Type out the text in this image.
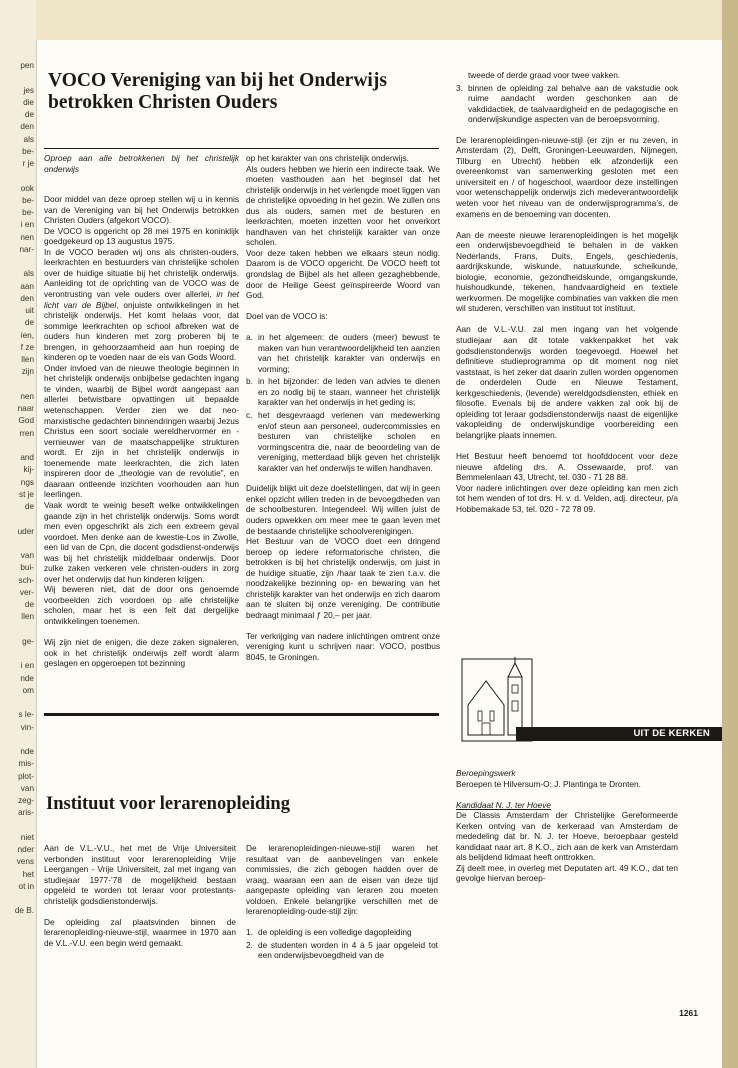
pen
jes
die
de
den
als
be-
r je
ook
be-
be-
i en
nen
nar-
als
aan
den
uit
de
ien,
f ze
llen
zijn
nen
naar
God
rren
and
kij-
ngs
st je
de
uder
van
bui-
sch-
ver-
de
llen
ge-
i en
nde
om
s le-
vin-
nde
mis-
plot-
van
zeg-
aris-
niet
nder
vens
het
ot in
de B.
VOCO Vereniging van bij het Onderwijs betrokken Christen Ouders

Oproep aan alle betrokkenen bij het christelijk onderwijs

Door middel van deze oproep stellen wij u in kennis van de Vereniging van bij het Onderwijs betrokken Christen Ouders (afgekort VOCO).

De VOCO is opgericht op 28 mei 1975 en koninklijk goedgekeurd op 13 augustus 1975.

In de VOCO beraden wij ons als christen-ouders, leerkrachten en bestuurders van christelijke scholen over de huidige situatie bij het christelijk onderwijs. Aanleiding tot de oprichting van de VOCO was de verontrusting van vele ouders over allerlei, in het licht van de Bijbel, onjuiste ontwikkelingen in het christelijk onderwijs. Het komt helaas voor, dat sommige leerkrachten op school afbreken wat de ouders hun kinderen met zorg proberen bij te brengen, in gehoorzaamheid aan hun roeping de kinderen op te voeden naar de eis van Gods Woord.

Onder invloed van de nieuwe theologie beginnen in het christelijk onderwijs onbijbelse gedachten ingang te vinden, waarbij de Bijbel wordt aangepast aan allerlei betwistbare opvattingen uit bepaalde wetenschappen. Verder zien we dat neo-marxistische gedachten binnendringen waarbij Jezus Christus een soort sociale wereldhervormer en -vernieuwer van de maatschappelijke strukturen wordt. Er zijn in het christelijk onderwijs in toenemende mate leerkrachten, die zich laten inspireren door de „theologie van de revolutie”, en daaraan ontleende inzichten voorhouden aan hun leerlingen.

Vaak wordt te weinig beseft welke ontwikkelingen gaande zijn in het christelijk onderwijs. Soms wordt men even opgeschrikt als zich een extreem geval voordoet. Men denke aan de kwestie-Los in Zwolle, een lid van de Cpn, die docent godsdienst-onderwijs was bij het christelijk middelbaar onderwijs. Door zulke zaken verkeren vele christen-ouders in zorg over het onderwijs dat hun kinderen krijgen.

Wij beweren niet, dat de door ons genoemde voorbeelden zich voordoen op alle christelijke scholen, maar het is een feit dat dergelijke ontwikkelingen toenemen.

Wij zijn niet de enigen, die deze zaken signaleren, ook in het christelijk onderwijs zelf wordt alarm geslagen en opgeroepen tot bezinning

op het karakter van ons christelijk onderwijs.

Als ouders hebben we hierin een indirecte taak. We moeten vasthouden aan het beginsel dat het christelijk onderwijs in het verlengde moet liggen van de christelijke opvoeding in het gezin. We zullen ons dus als ouders, samen met de besturen en leerkrachten, moeten inzetten voor het onverkort handhaven van het christelijk karakter van onze scholen.

Voor deze taken hebben we elkaars steun nodig. Daarom is de VOCO opgericht. De VOCO heeft tot grondslag de Bijbel als het alleen gezaghebbende, door de Heilige Geest geïnspireerde Woord van God.

Doel van de VOCO is:

a. in het algemeen: de ouders (meer) bewust te maken van hun verantwoordelijkheid ten aanzien van het christelijk karakter van onderwijs en vorming;
b. in het bijzonder: de leden van advies te dienen en zo nodig bij te staan, wanneer het christelijk karakter van het onderwijs in het geding is;
c. het desgevraagd verlenen van medewerking en/of steun aan personeel, oudercommissies en besturen van christelijke scholen en vormingscentra die, naar de beoordeling van de vereniging, metterdaad blijk geven het christelijk karakter van het onderwijs te willen handhaven.

Duidelijk blijkt uit deze doelstellingen, dat wij in geen enkel opzicht willen treden in de bevoegdheden van de schoolbesturen. Integendeel. Wij willen juist de ouders opwekken om meer mee te gaan leven met de bestaande christelijke schoolverenigingen.

Het Bestuur van de VOCO doet een dringend beroep op iedere reformatorische christen, die betrokken is bij het christelijk onderwijs, om juist in de huidige situatie, zijn /haar taak te zien t.a.v. die noodzakelijke bezinning op- en bewaring van het christelijk karakter van het onderwijs en zich daarom aan te sluiten bij onze vereniging. De contributie bedraagt minimaal ƒ 20,– per jaar.

Ter verkrijging van nadere inlichtingen omtrent onze vereniging kunt u schrijven naar: VOCO, postbus 8045, te Groningen.

tweede of derde graad voor twee vakken.
3. binnen de opleiding zal behalve aan de vakstudie ook ruime aandacht worden geschonken aan de vakdidactiek, de taalvaardigheid en de pedagogische en onderwijskundige aspecten van de beroepsvorming.

De lerarenopleidingen-nieuwe-stijl (er zijn er nu zeven, in Amsterdam (2), Delft, Groningen-Leeuwarden, Nijmegen, Tilburg en Utrecht) hebben elk afzonderlijk een overeenkomst van samenwerking gesloten met een universiteit en / of hogeschool, waardoor deze instellingen voor wetenschappelijk onderwijs zich medeverantwoordelijk weten voor het niveau van de onderwijsprogramma’s, de examens en de benoeming van docenten.

Aan de meeste nieuwe lerarenopleidingen is het mogelijk een onderwijsbevoegdheid te behalen in de vakken Nederlands, Frans, Duits, Engels, geschiedenis, aardrijkskunde, wiskunde, natuurkunde, scheikunde, biologie, economie, gezondheidskunde, omgangskunde, huishoudkunde, tekenen, handvaardigheid en textiele werkvormen. De mogelijke combinaties van vakken die men wil studeren, verschillen van instituut tot instituut.

Aan de V.L.-V.U. zal men ingang van het volgende studiejaar aan dit totale vakkenpakket het vak godsdienstonderwijs worden toegevoegd. Hoewel het definitieve studieprogramma op dit moment nog niet vaststaat, is het zeker dat daarin zullen worden opgenomen de onderdelen Oude en Nieuwe Testament, kerkgeschiedenis, (levende) wereldgodsdiensten, ethiek en filosofie. Evenals bij de andere vakken zal ook bij de opleiding tot leraar godsdienstonderwijs naast de eigenlijke vakopleiding de onderwijskundige voorbereiding een belangrijke plaats innemen.

Het Bestuur heeft benoemd tot hoofddocent voor deze nieuwe afdeling drs. A. Ossewaarde, prof. van Bemmelenlaan 43, Utrecht, tel. 030 - 71 28 88.

Voor nadere inlichtingen over deze opleiding kan men zich tot hem wenden of tot drs. H. v. d. Velden, adj. directeur, p/a Hobbemakade 53, tel. 020 - 72 78 09.

UIT DE KERKEN
Instituut voor lerarenopleiding

Aan de V.L.-V.U., het met de Vrije Universiteit verbonden instituut voor lerarenopleiding Vrije Leergangen - Vrije Universiteit, zal met ingang van studiejaar 1977-’78 de mogelijkheid bestaan opgeleid te worden tot leraar voor protestants-christelijk godsdienstonderwijs.

De opleiding zal plaatsvinden binnen de lerarenopleiding-nieuwe-stijl, waarmee in 1970 aan de V.L.-V.U. een begin werd gemaakt.

De lerarenopleidingen-nieuwe-stijl waren het resultaat van de aanbevelingen van enkele commissies, die zich gebogen hadden over de vraag, waaraan een aan de eisen van deze tijd aangepaste opleiding van leraren zou moeten voldoen. Enkele belangrijke verschillen met de lerarenopleiding-oude-stijl zijn:

1. de opleiding is een volledige dagopleiding
2. de studenten worden in 4 à 5 jaar opgeleid tot een onderwijsbevoegdheid van de

Beroepingswerk

Beroepen te Hilversum-O: J. Plantinga te Dronten.

Kandidaat N. J. ter Hoeve

De Classis Amsterdam der Christelijke Gereformeerde Kerken ontving van de kerkeraad van Amsterdam de mededeling dat br. N. J. ter Hoeve, beroepbaar gesteld kandidaat naar art. 8 K.O., zich aan de kerk van Amsterdam als belijdend lidmaat heeft onttrokken.

Zij deelt mee, in overleg met Deputaten art. 49 K.O., dat ten gevolge hiervan beroep-

1261
